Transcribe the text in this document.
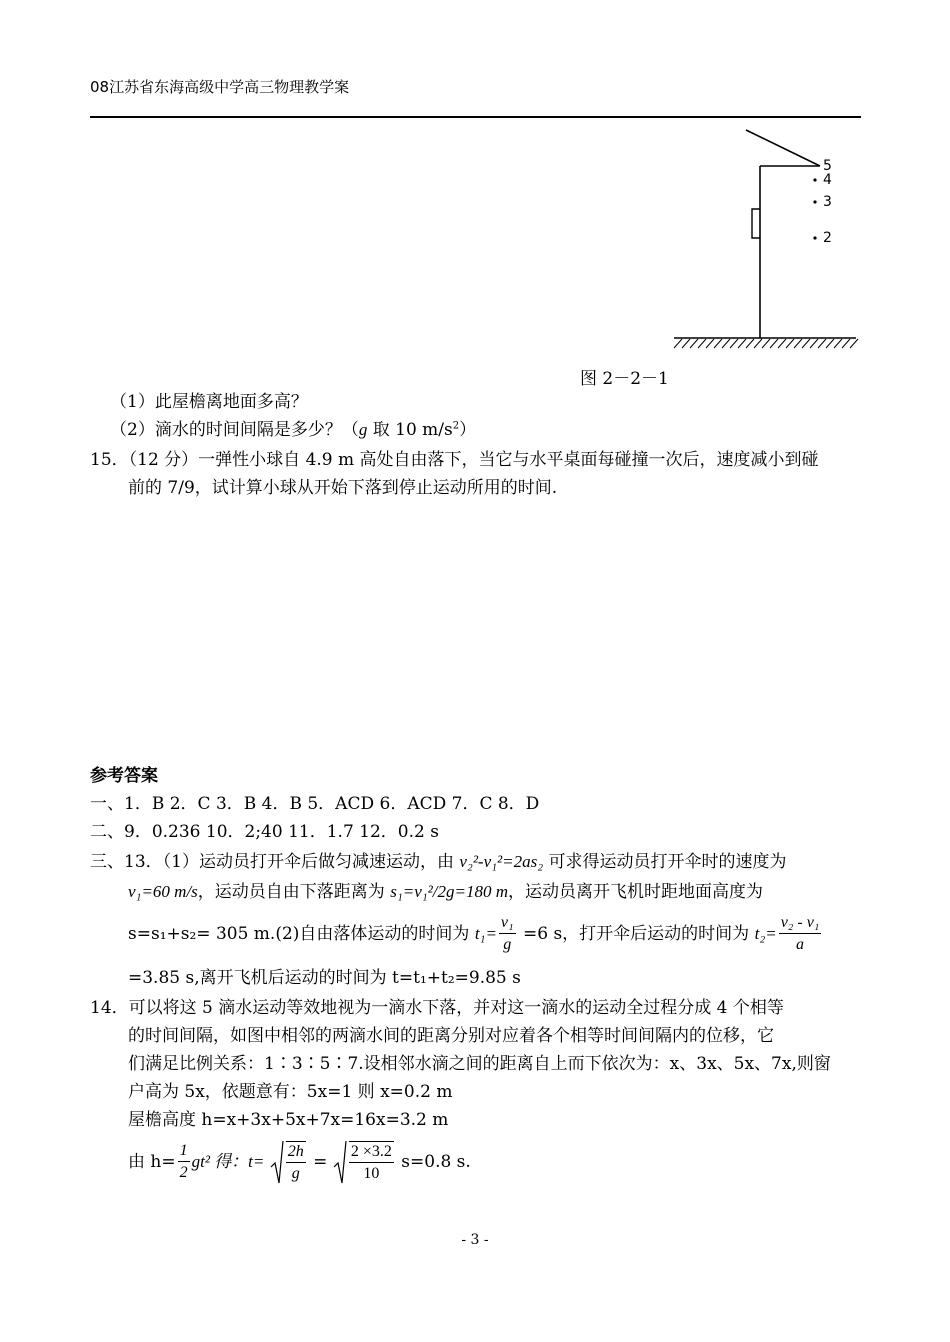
08江苏省东海高级中学高三物理教学案
5
4
3
2
图 2－2－1
（1）此屋檐离地面多高？
（2）滴水的时间间隔是多少？（g 取 10 $m/s^2$）
15．（12 分）一弹性小球自 4.9 m 高处自由落下，当它与水平桌面每碰撞一次后，速度减小到碰
前的 7/9，试计算小球从开始下落到停止运动所用的时间.
参考答案
一、1．B 2．C 3．B 4．B 5．ACD 6．ACD 7．C 8．D
二、9．0.236 10．2;40 11．1.7 12．0.2 s
三、13．（1）运动员打开伞后做匀减速运动，由 v₂²-v₁²=2as₂ 可求得运动员打开伞时的速度为
v₁=60 m/s，运动员自由下落距离为 s₁=v₁²/2g=180 m，运动员离开飞机时距地面高度为
s=s₁+s₂= 305 m.(2)自由落体运动的时间为 $t_1= \frac{\text{v₁}}{g} =6$ s，打开伞后运动的时间为 $t_2= \frac{\text{v₂ - v₁}}{a}$
=3.85 s,离开飞机后运动的时间为 t=t₁+t₂=9.85 s
14．可以将这 5 滴水运动等效地视为一滴水下落，并对这一滴水的运动全过程分成 4 个相等
的时间间隔，如图中相邻的两滴水间的距离分别对应着各个相等时间间隔内的位移，它
们满足比例关系：1∶3∶5∶7.设相邻水滴之间的距离自上而下依次为：x、3x、5x、7x,则窗
户高为 5x，依题意有：5x=1 则 x=0.2 m
屋檐高度 h=x+3x+5x+7x=16x=3.2 m
由 $h= \frac{1}{2} gt^2$ 得：$t= \frac{2h}{g} = \frac{2 \times 3.2}{10} s=0.8$ s.
- 3 -
